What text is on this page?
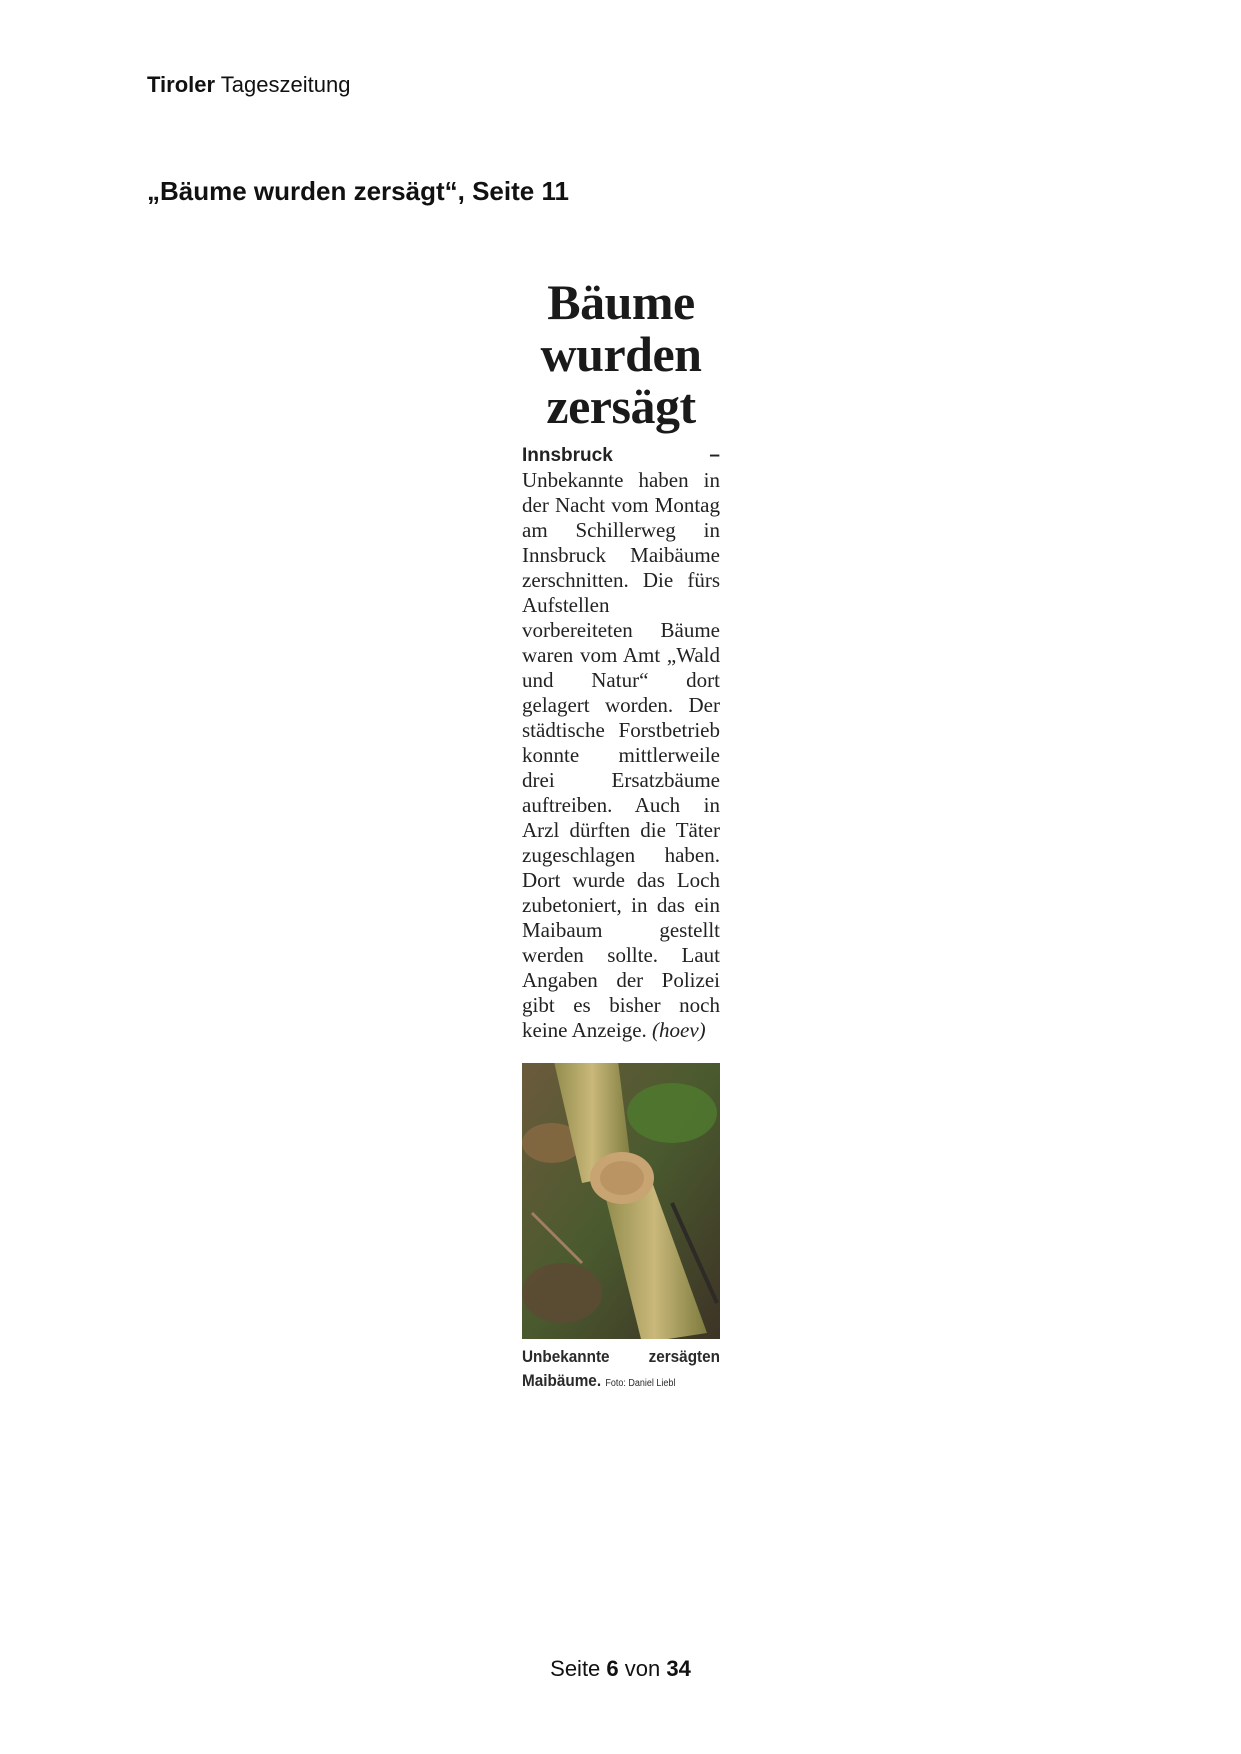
Tiroler Tageszeitung
„Bäume wurden zersägt“, Seite 11
Bäume
wurden
zersägt

Innsbruck – Unbekannte haben in der Nacht vom Montag am Schillerweg in Innsbruck Maibäume zerschnitten. Die fürs Aufstellen vorbereiteten Bäume waren vom Amt „Wald und Natur“ dort gelagert worden. Der städtische Forstbetrieb konnte mittlerweile drei Ersatzbäume auftreiben. Auch in Arzl dürften die Täter zugeschlagen haben. Dort wurde das Loch zubetoniert, in das ein Maibaum gestellt werden sollte. Laut Angaben der Polizei gibt es bisher noch keine Anzeige. (hoev)

Unbekannte zersägten Maibäume. Foto: Daniel Liebl
Seite 6 von 34
